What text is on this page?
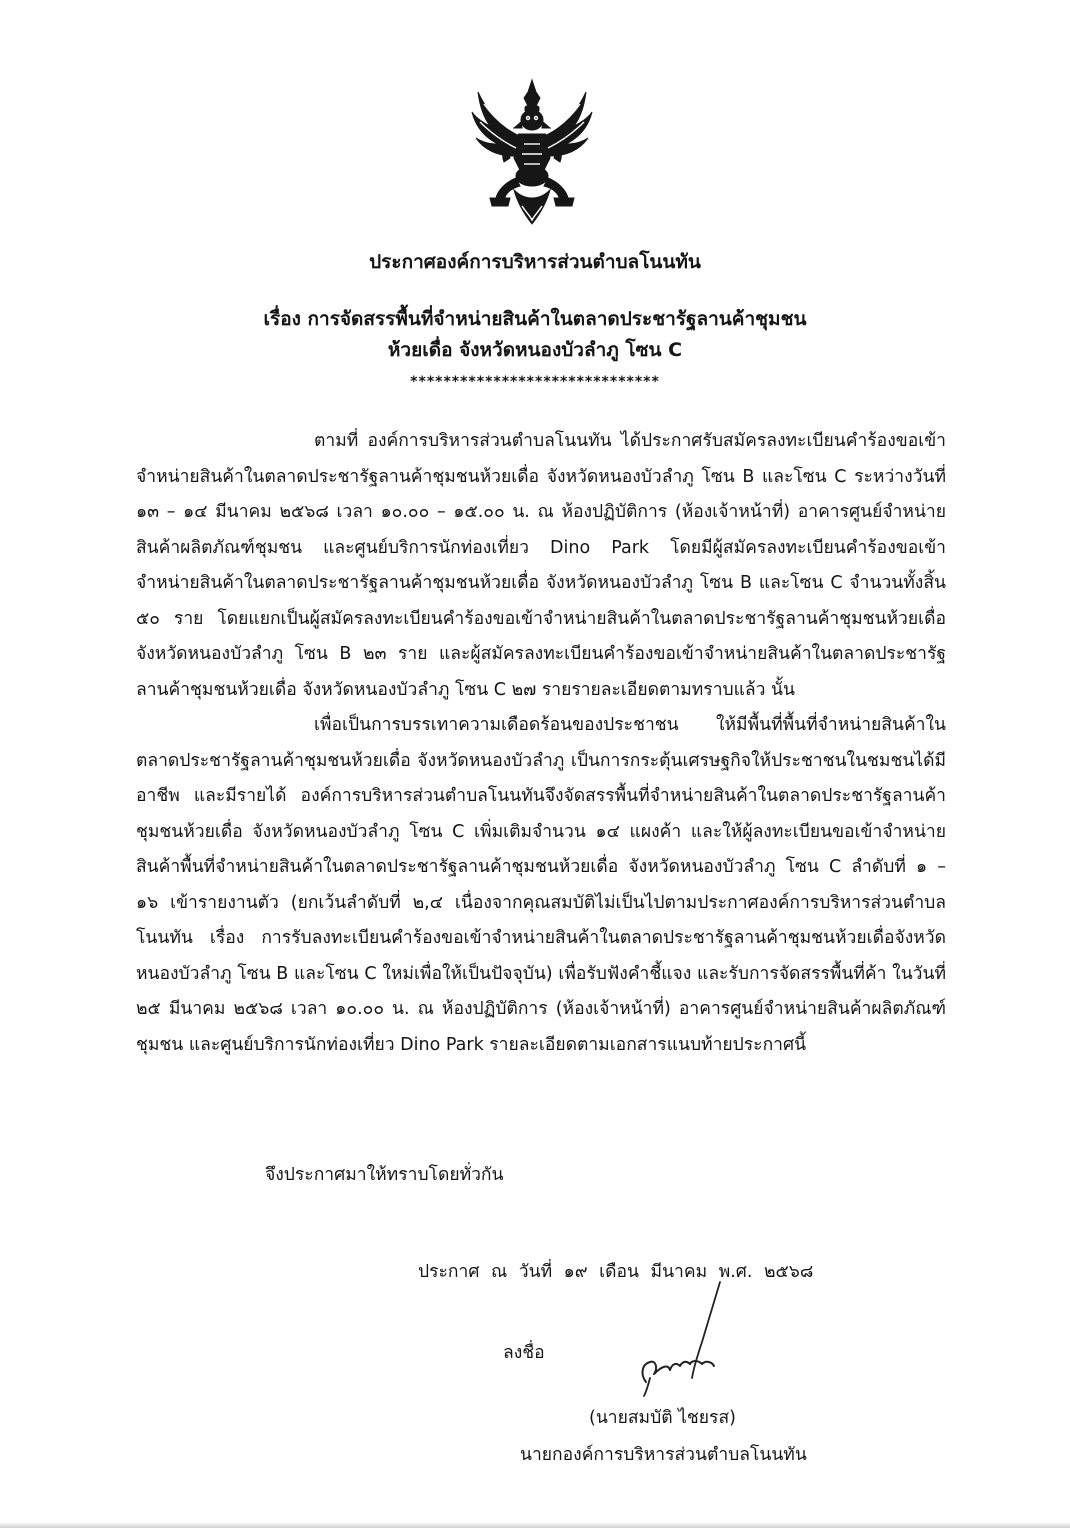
ประกาศองค์การบริหารส่วนตำบลโนนทัน
เรื่อง การจัดสรรพื้นที่จำหน่ายสินค้าในตลาดประชารัฐลานค้าชุมชน
ห้วยเดื่อ จังหวัดหนองบัวลำภู โซน C
******************************
ตามที่ องค์การบริหารส่วนตำบลโนนทัน ได้ประกาศรับสมัครลงทะเบียนคำร้องขอเข้าจำหน่ายสินค้าในตลาดประชารัฐลานค้าชุมชนห้วยเดื่อ จังหวัดหนองบัวลำภู โซน B และโซน C ระหว่างวันที่ ๑๓ – ๑๔ มีนาคม ๒๕๖๘ เวลา ๑๐.๐๐ – ๑๕.๐๐ น. ณ ห้องปฏิบัติการ (ห้องเจ้าหน้าที่) อาคารศูนย์จำหน่ายสินค้าผลิตภัณฑ์ชุมชน และศูนย์บริการนักท่องเที่ยว Dino Park โดยมีผู้สมัครลงทะเบียนคำร้องขอเข้าจำหน่ายสินค้าในตลาดประชารัฐลานค้าชุมชนห้วยเดื่อ จังหวัดหนองบัวลำภู โซน B และโซน C จำนวนทั้งสิ้น ๕๐ ราย โดยแยกเป็นผู้สมัครลงทะเบียนคำร้องขอเข้าจำหน่ายสินค้าในตลาดประชารัฐลานค้าชุมชนห้วยเดื่อ จังหวัดหนองบัวลำภู โซน B ๒๓ ราย และผู้สมัครลงทะเบียนคำร้องขอเข้าจำหน่ายสินค้าในตลาดประชารัฐลานค้าชุมชนห้วยเดื่อ จังหวัดหนองบัวลำภู โซน C ๒๗ รายรายละเอียดตามทราบแล้ว นั้น
เพื่อเป็นการบรรเทาความเดือดร้อนของประชาชน ให้มีพื้นที่พื้นที่จำหน่ายสินค้าในตลาดประชารัฐลานค้าชุมชนห้วยเดื่อ จังหวัดหนองบัวลำภู เป็นการกระตุ้นเศรษฐกิจให้ประชาชนในชมชนได้มีอาชีพ และมีรายได้ องค์การบริหารส่วนตำบลโนนทันจึงจัดสรรพื้นที่จำหน่ายสินค้าในตลาดประชารัฐลานค้าชุมชนห้วยเดื่อ จังหวัดหนองบัวลำภู โซน C เพิ่มเติมจำนวน ๑๔ แผงค้า และให้ผู้ลงทะเบียนขอเข้าจำหน่ายสินค้าพื้นที่จำหน่ายสินค้าในตลาดประชารัฐลานค้าชุมชนห้วยเดื่อ จังหวัดหนองบัวลำภู โซน C ลำดับที่ ๑ – ๑๖ เข้ารายงานตัว (ยกเว้นลำดับที่ ๒,๔ เนื่องจากคุณสมบัติไม่เป็นไปตามประกาศองค์การบริหารส่วนตำบลโนนทัน เรื่อง การรับลงทะเบียนคำร้องขอเข้าจำหน่ายสินค้าในตลาดประชารัฐลานค้าชุมชนห้วยเดื่อจังหวัดหนองบัวลำภู โซน B และโซน C ใหม่เพื่อให้เป็นปัจจุบัน) เพื่อรับฟังคำชี้แจง และรับการจัดสรรพื้นที่ค้า ในวันที่ ๒๕ มีนาคม ๒๕๖๘ เวลา ๑๐.๐๐ น. ณ ห้องปฏิบัติการ (ห้องเจ้าหน้าที่) อาคารศูนย์จำหน่ายสินค้าผลิตภัณฑ์ชุมชน และศูนย์บริการนักท่องเที่ยว Dino Park รายละเอียดตามเอกสารแนบท้ายประกาศนี้
จึงประกาศมาให้ทราบโดยทั่วกัน
ประกาศ ณ วันที่ ๑๙ เดือน มีนาคม พ.ศ. ๒๕๖๘
ลงชื่อ
(นายสมบัติ ไชยรส)
นายกองค์การบริหารส่วนตำบลโนนทัน
